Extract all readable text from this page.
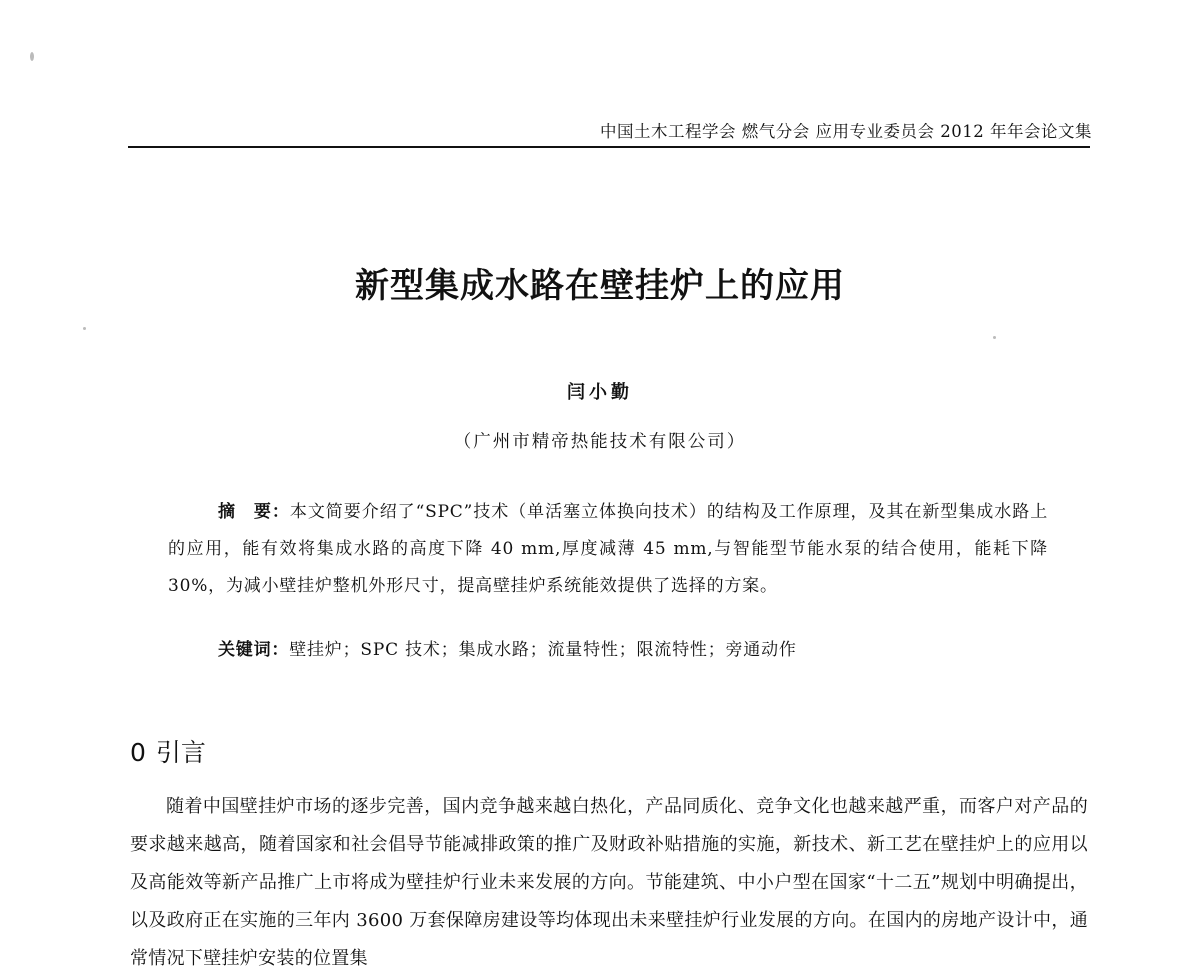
中国土木工程学会 燃气分会 应用专业委员会 2012 年年会论文集
新型集成水路在壁挂炉上的应用
闫小勤
（广州市精帝热能技术有限公司）

摘　要：本文简要介绍了“SPC”技术（单活塞立体换向技术）的结构及工作原理，及其在新型集成水路上的应用，能有效将集成水路的高度下降 40 mm,厚度减薄 45 mm,与智能型节能水泵的结合使用，能耗下降 30%，为减小壁挂炉整机外形尺寸，提高壁挂炉系统能效提供了选择的方案。

关键词：壁挂炉；SPC 技术；集成水路；流量特性；限流特性；旁通动作
0 引言

随着中国壁挂炉市场的逐步完善，国内竞争越来越白热化，产品同质化、竞争文化也越来越严重，而客户对产品的要求越来越高，随着国家和社会倡导节能减排政策的推广及财政补贴措施的实施，新技术、新工艺在壁挂炉上的应用以及高能效等新产品推广上市将成为壁挂炉行业未来发展的方向。节能建筑、中小户型在国家“十二五”规划中明确提出，以及政府正在实施的三年内 3600 万套保障房建设等均体现出未来壁挂炉行业发展的方向。在国内的房地产设计中，通常情况下壁挂炉安装的位置集
